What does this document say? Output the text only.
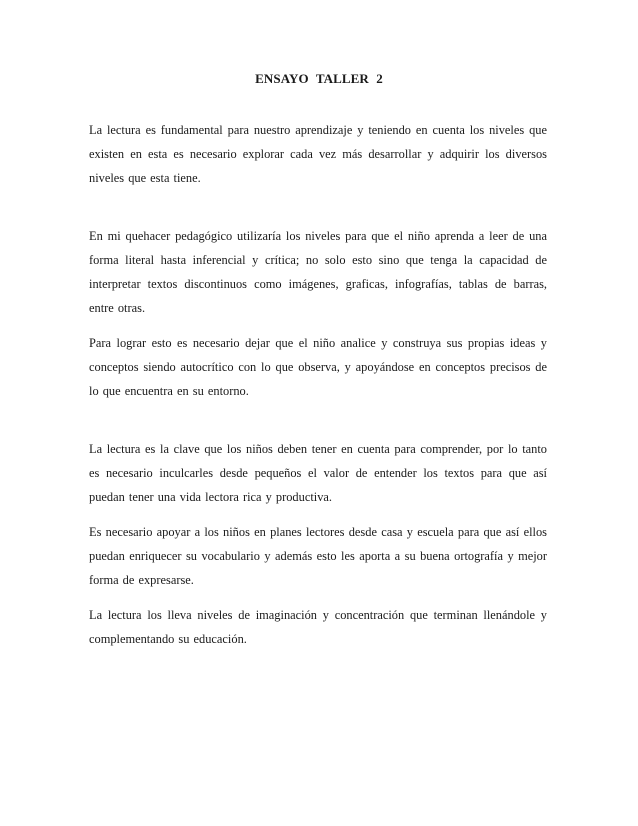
ENSAYO TALLER 2

La lectura es fundamental para nuestro aprendizaje y teniendo en cuenta los niveles que existen en esta es necesario explorar cada vez más desarrollar y adquirir los diversos niveles que esta tiene.

En mi quehacer pedagógico utilizaría los niveles para que el niño aprenda a leer de una forma literal hasta inferencial y crítica; no solo esto sino que tenga la capacidad de interpretar textos discontinuos como imágenes, graficas, infografías, tablas de barras, entre otras.

Para lograr esto es necesario dejar que el niño analice y construya sus propias ideas y conceptos siendo autocrítico con lo que observa, y apoyándose en conceptos precisos de lo que encuentra en su entorno.

La lectura es la clave que los niños deben tener en cuenta para comprender, por lo tanto es necesario inculcarles desde pequeños el valor de entender los textos para que así puedan tener una vida lectora rica y productiva.

Es necesario apoyar a los niños en planes lectores desde casa y escuela para que así ellos puedan enriquecer su vocabulario y además esto les aporta a su buena ortografía y mejor forma de expresarse.

La lectura los lleva niveles de imaginación y concentración que terminan llenándole y complementando su educación.
